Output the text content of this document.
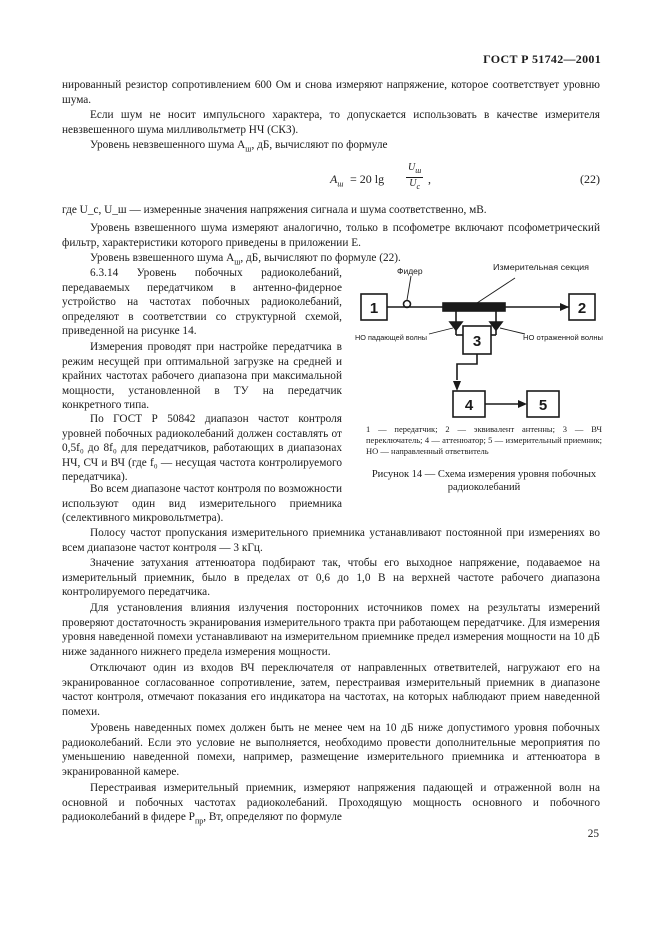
ГОСТ Р 51742—2001

нированный резистор сопротивлением 600 Ом и снова измеряют напряжение, которое соответствует уровню шума.

Если шум не носит импульсного характера, то допускается использовать в качестве измерителя невзвешенного шума милливольтметр НЧ (СКЗ).

Уровень невзвешенного шума $A_ш$, дБ, вычисляют по формуле

$A_ш = 20$ lg
$U_ш$
$U_с$
,	(22)

где U_с, U_ш — измеренные значения напряжения сигнала и шума соответственно, мВ.

Уровень взвешенного шума измеряют аналогично, только в псофометре включают псофометрический фильтр, характеристики которого приведены в приложении Е.

Уровень взвешенного шума $A_ш$, дБ, вычисляют по формуле (22).

6.3.14 Уровень побочных радиоколебаний, передаваемых передатчиком в антенно-фидерное устройство на частотах побочных радиоколебаний, определяют в соответствии со структурной схемой, приведенной на рисунке 14.

Измерения проводят при настройке передатчика в режим несущей при оптимальной загрузке на средней и крайних частотах рабочего диапазона при максимальной мощности, установленной в ТУ на передатчик конкретного типа.

По ГОСТ Р 50842 диапазон частот контроля уровней побочных радиоколебаний должен составлять от 0,5f₀ до 8f₀ для передатчиков, работающих в диапазонах НЧ, СЧ и ВЧ (где f₀ — несущая частота контролируемого передатчика).

Во всем диапазоне частот контроля по возможности используют один вид измерительного приемника (селективного микровольтметра).

1	2
3
4	5
Фидер	Измерительная секция
НО падающей волны	НО отраженной волны
1 — передатчик; 2 — эквивалент антенны; 3 — ВЧ переключатель; 4 — аттенюатор; 5 — измерительный приемник; НО — направленный ответвитель
Рисунок 14 — Схема измерения уровня побочных радиоколебаний

Полосу частот пропускания измерительного приемника устанавливают постоянной при измерениях во всем диапазоне частот контроля — 3 кГц.

Значение затухания аттенюатора подбирают так, чтобы его выходное напряжение, подаваемое на измерительный приемник, было в пределах от 0,6 до 1,0 В на верхней частоте рабочего диапазона контролируемого передатчика.

Для установления влияния излучения посторонних источников помех на результаты измерений проверяют достаточность экранирования измерительного тракта при работающем передатчике. Для измерения уровня наведенной помехи устанавливают на измерительном приемнике предел измерения мощности на 10 дБ ниже заданного нижнего предела измерения мощности.

Отключают один из входов ВЧ переключателя от направленных ответвителей, нагружают его на экранированное согласованное сопротивление, затем, перестраивая измерительный приемник в диапазоне частот контроля, отмечают показания его индикатора на частотах, на которых наблюдают прием наведенной помехи.

Уровень наведенных помех должен быть не менее чем на 10 дБ ниже допустимого уровня побочных радиоколебаний. Если это условие не выполняется, необходимо провести дополнительные мероприятия по уменьшению наведенной помехи, например, размещение измерительного приемника и аттенюатора в экранированной камере.

Перестраивая измерительный приемник, измеряют напряжения падающей и отраженной волн на основной и побочных частотах радиоколебаний. Проходящую мощность основного и побочного радиоколебаний в фидере $P_{пр}$, Вт, определяют по формуле

25
